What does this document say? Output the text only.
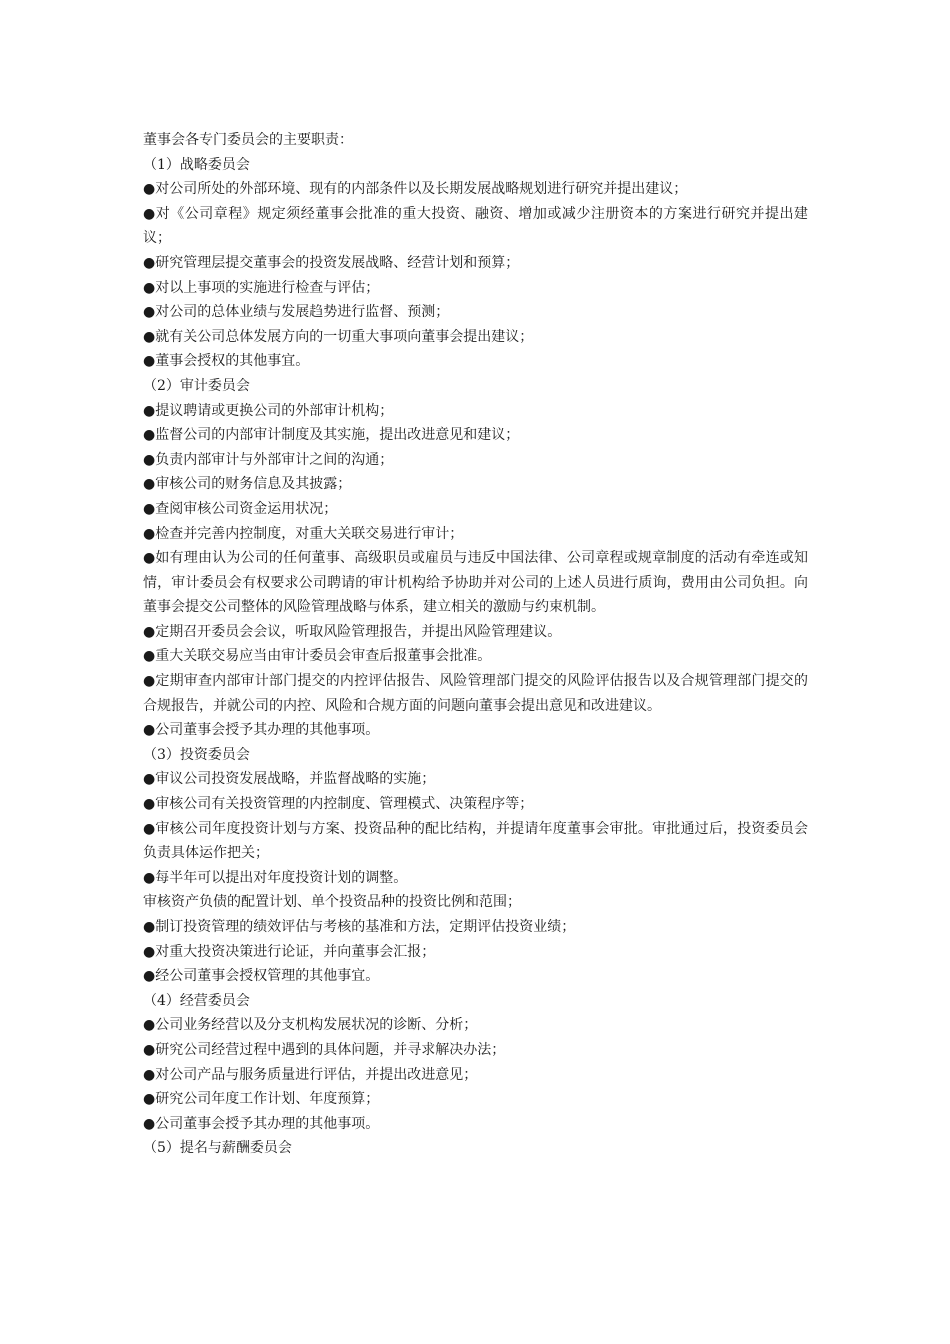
董事会各专门委员会的主要职责：

（1）战略委员会

●对公司所处的外部环境、现有的内部条件以及长期发展战略规划进行研究并提出建议；

●对《公司章程》规定须经董事会批准的重大投资、融资、增加或减少注册资本的方案进行研究并提出建议；

●研究管理层提交董事会的投资发展战略、经营计划和预算；

●对以上事项的实施进行检查与评估；

●对公司的总体业绩与发展趋势进行监督、预测；

●就有关公司总体发展方向的一切重大事项向董事会提出建议；

●董事会授权的其他事宜。

（2）审计委员会

●提议聘请或更换公司的外部审计机构；

●监督公司的内部审计制度及其实施，提出改进意见和建议；

●负责内部审计与外部审计之间的沟通；

●审核公司的财务信息及其披露；

●查阅审核公司资金运用状况；

●检查并完善内控制度，对重大关联交易进行审计；

●如有理由认为公司的任何董事、高级职员或雇员与违反中国法律、公司章程或规章制度的活动有牵连或知情，审计委员会有权要求公司聘请的审计机构给予协助并对公司的上述人员进行质询，费用由公司负担。向董事会提交公司整体的风险管理战略与体系，建立相关的激励与约束机制。

●定期召开委员会会议，听取风险管理报告，并提出风险管理建议。

●重大关联交易应当由审计委员会审查后报董事会批准。

●定期审查内部审计部门提交的内控评估报告、风险管理部门提交的风险评估报告以及合规管理部门提交的合规报告，并就公司的内控、风险和合规方面的问题向董事会提出意见和改进建议。

●公司董事会授予其办理的其他事项。

（3）投资委员会

●审议公司投资发展战略，并监督战略的实施；

●审核公司有关投资管理的内控制度、管理模式、决策程序等；

●审核公司年度投资计划与方案、投资品种的配比结构，并提请年度董事会审批。审批通过后，投资委员会负责具体运作把关；

●每半年可以提出对年度投资计划的调整。

审核资产负债的配置计划、单个投资品种的投资比例和范围；

●制订投资管理的绩效评估与考核的基准和方法，定期评估投资业绩；

●对重大投资决策进行论证，并向董事会汇报；

●经公司董事会授权管理的其他事宜。

（4）经营委员会

●公司业务经营以及分支机构发展状况的诊断、分析；

●研究公司经营过程中遇到的具体问题，并寻求解决办法；

●对公司产品与服务质量进行评估，并提出改进意见；

●研究公司年度工作计划、年度预算；

●公司董事会授予其办理的其他事项。

（5）提名与薪酬委员会
